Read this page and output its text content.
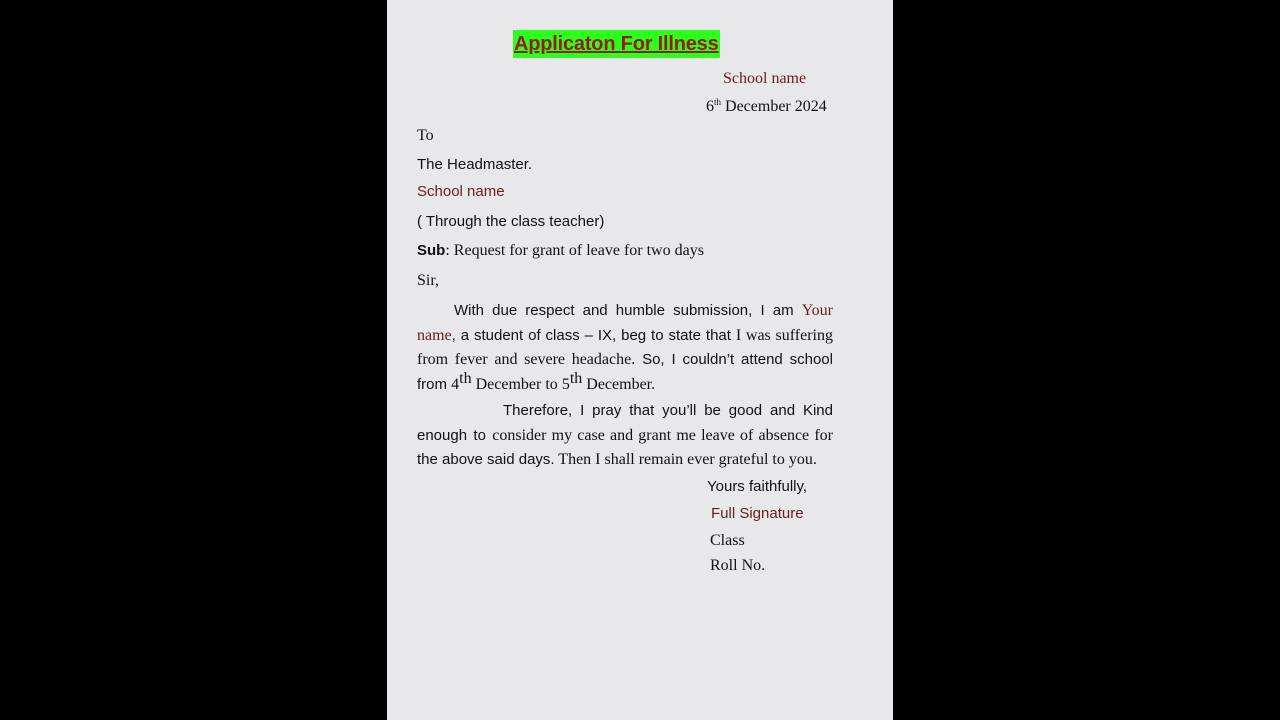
Applicaton For Illness
School name
6th December 2024
To
The Headmaster.
School name
( Through the class teacher)
Sub: Request for grant of leave for two days
Sir,
With due respect and humble submission, I am Your name, a student of class – IX, beg to state that I was suffering from fever and severe headache. So, I couldn’t attend school from 4th December to 5th December.
Therefore, I pray that you’ll be good and Kind enough to consider my case and grant me leave of absence for the above said days. Then I shall remain ever grateful to you.
Yours faithfully,
Full Signature
Class
Roll No.
